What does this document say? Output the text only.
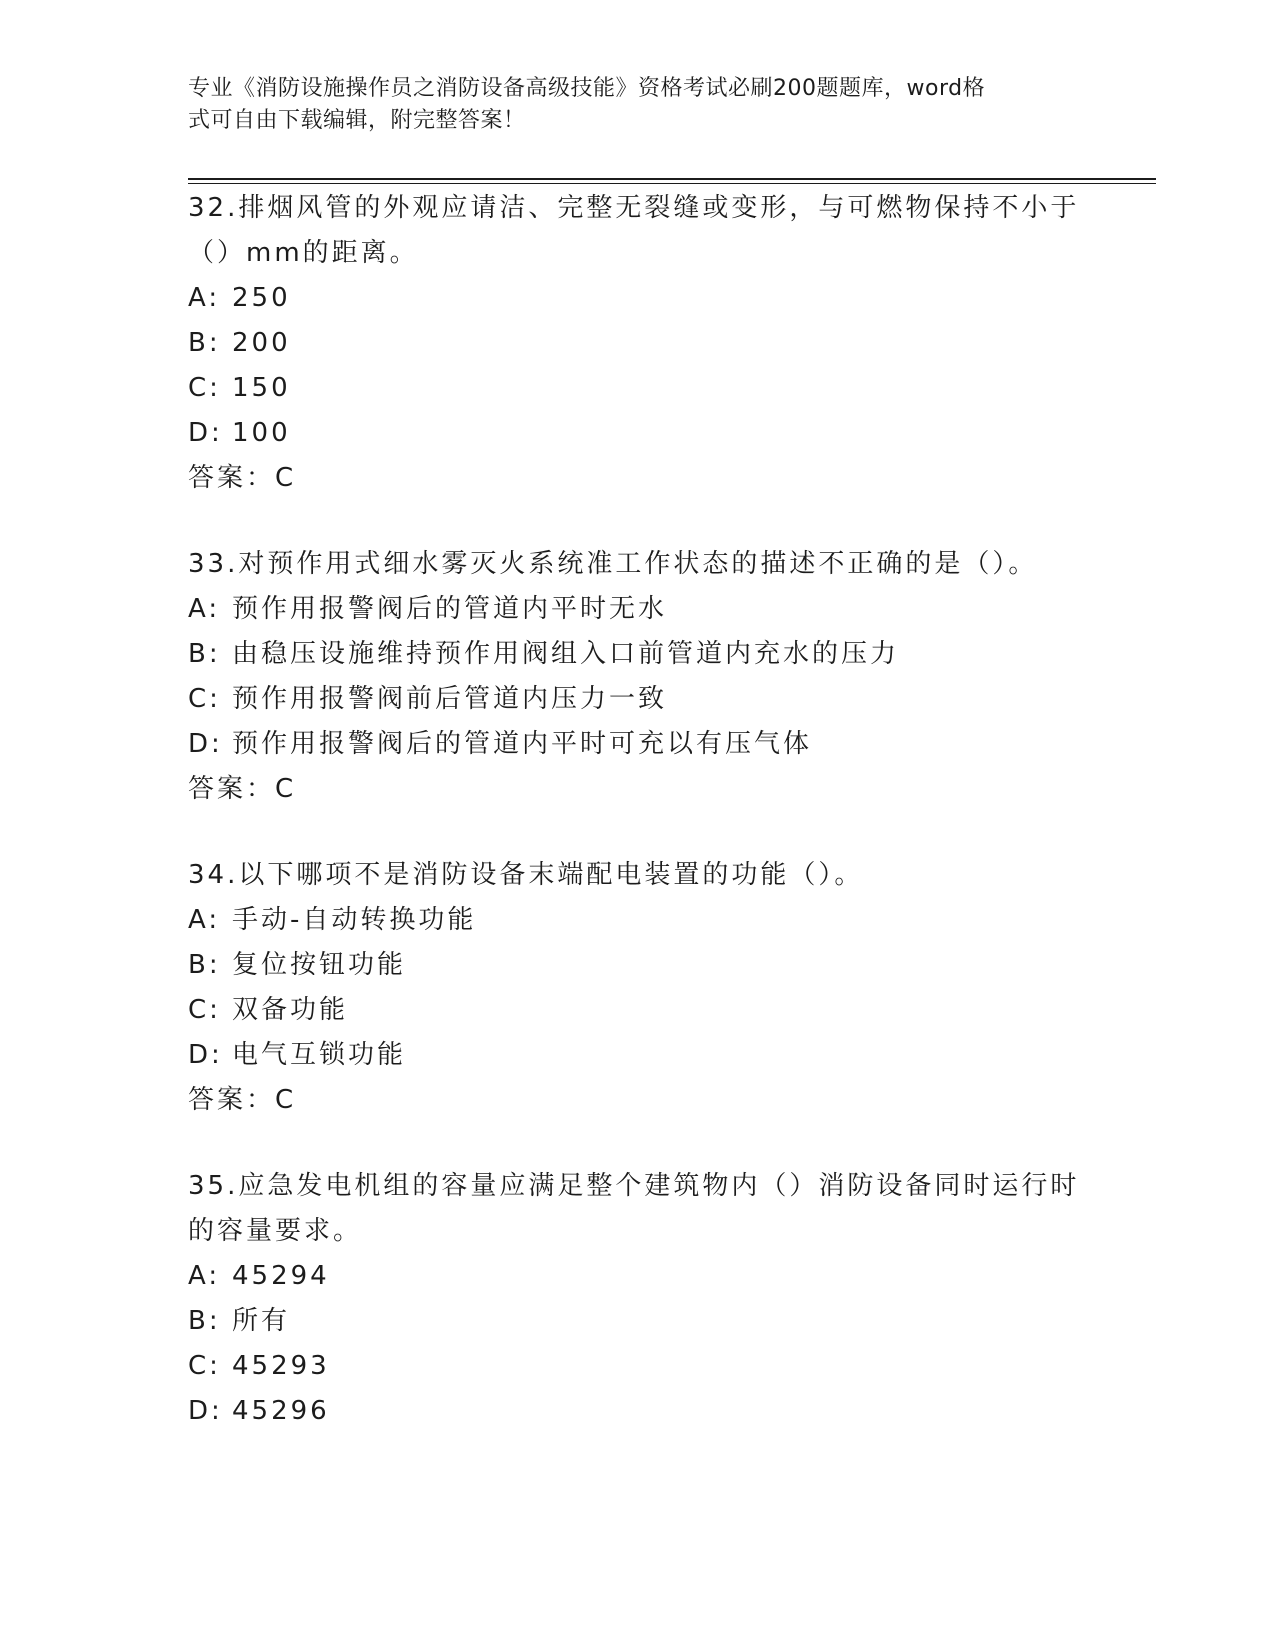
专业《消防设施操作员之消防设备高级技能》资格考试必刷200题题库，word格
式可自由下载编辑，附完整答案！
32.排烟风管的外观应请洁、完整无裂缝或变形，与可燃物保持不小于
（）mm的距离。
A: 250
B: 200
C: 150
D: 100
答案：C
33.对预作用式细水雾灭火系统准工作状态的描述不正确的是（）。
A: 预作用报警阀后的管道内平时无水
B: 由稳压设施维持预作用阀组入口前管道内充水的压力
C: 预作用报警阀前后管道内压力一致
D: 预作用报警阀后的管道内平时可充以有压气体
答案：C
34.以下哪项不是消防设备末端配电装置的功能（）。
A: 手动-自动转换功能
B: 复位按钮功能
C: 双备功能
D: 电气互锁功能
答案：C
35.应急发电机组的容量应满足整个建筑物内（）消防设备同时运行时
的容量要求。
A: 45294
B: 所有
C: 45293
D: 45296
